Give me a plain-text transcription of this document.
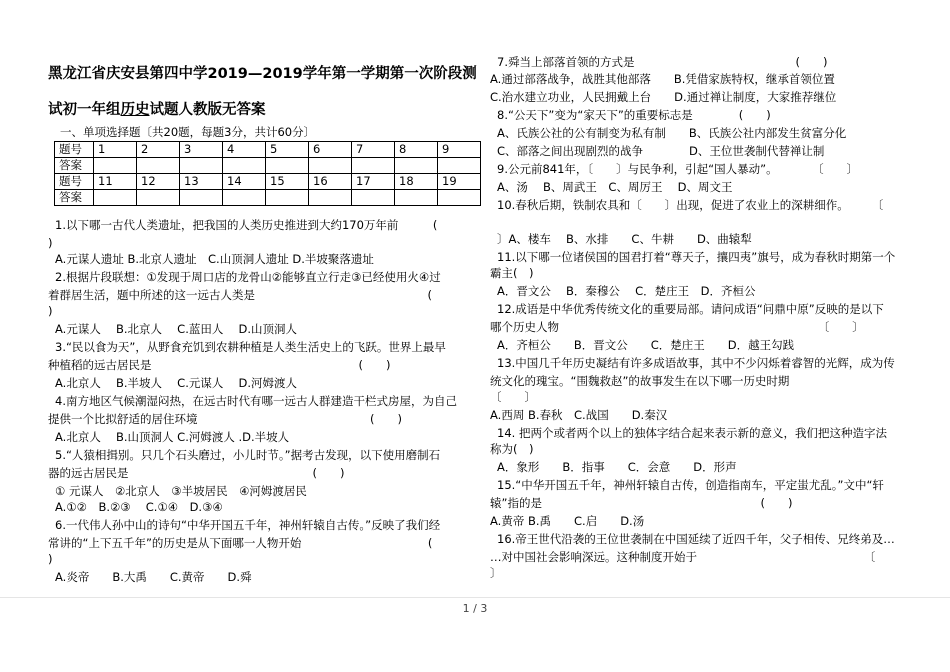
黑龙江省庆安县第四中学2019—2019学年第一学期第一次阶段测
试初一年组历史试题人教版无答案
一、单项选择题〔共20题，每题3分，共计60分〕
题号	1	2	3	4	5	6	7	8	9
答案									
题号	11	12	13	14	15	16	17	18	19
答案									
1.以下哪一古代人类遗址，把我国的人类历史推进到大约170万年前　　　(
)
A.元谋人遗址 B.北京人遗址　C.山顶洞人遗址 D.半坡聚落遗址
2.根据片段联想：①发现于周口店的龙骨山②能够直立行走③已经使用火④过
着群居生活，题中所述的这一远古人类是　　　　　　　　　　　　　　　(
)
A.元谋人　 B.北京人　 C.蓝田人　 D.山顶洞人
3.“民以食为天”，从野食充饥到农耕种植是人类生活史上的飞跃。世界上最早
种植稻的远古居民是　　　　　　　　　　　　　　　　　　(　　)
A.北京人　 B.半坡人　 C.元谋人　 D.河姆渡人
4.南方地区气候潮湿闷热，在远古时代有哪一远古人群建造干栏式房屋，为自己
提供一个比拟舒适的居住环境　　　　　　　　　　　　　　　(　　)
A.北京人　 B.山顶洞人 C.河姆渡人 .D.半坡人
5.“人猿相揖别。只几个石头磨过，小儿时节。”据考古发现，以下使用磨制石
器的远古居民是　　　　　　　　　　　　　　　　(　　)
① 元谋人　②北京人　③半坡居民　④河姆渡居民
A.①②　B.②③　 C.①④　D.③④
6.一代伟人孙中山的诗句“中华开国五千年，神州轩辕自古传。”反映了我们经
常讲的“上下五千年”的历史是从下面哪一人物开始　　　　　　　　　　　(
)
A.炎帝　　B.大禹　　C.黄帝　　D.舜
7.舜当上部落首领的方式是　　　　　　　　　　　　　　(　　)
A.通过部落战争，战胜其他部落　　B.凭借家族特权，继承首领位置
C.治水建立功业，人民拥戴上台　　D.通过禅让制度，大家推荐继位
8.“公天下”变为“家天下”的重要标志是　　　　(　　)
A、氏族公社的公有制变为私有制　　B、氏族公社内部发生贫富分化
C、部落之间出现剧烈的战争　　　　D、王位世袭制代替禅让制
9.公元前841年，〔　　〕与民争利，引起“国人暴动”。　　　　〔　　〕
A、汤　 B、周武王　C、周厉王　 D、周文王
10.春秋后期，铁制农具和〔　　〕出现，促进了农业上的深耕细作。　　　〔
〕A、楼车　 B、水排　　C、牛耕　　D、曲辕犁
11.以下哪一位诸侯国的国君打着“尊天子，攘四夷”旗号，成为春秋时期第一个
霸主(　)
A．晋文公　 B．秦穆公　 C．楚庄王　D．齐桓公
12.成语是中华优秀传统文化的重要局部。请问成语“问鼎中原”反映的是以下
哪个历史人物　　　　　　　　　　　　　　　　　　　　　　　〔　　〕
A．齐桓公　　B．晋文公　　C．楚庄王　　D．越王勾践
13.中国几千年历史凝结有许多成语故事，其中不少闪烁着睿智的光辉，成为传
统文化的瑰宝。“围魏救赵”的故事发生在以下哪一历史时期
〔　　〕
A.西周 B.春秋　C.战国　　D.秦汉
14. 把两个或者两个以上的独体字结合起来表示新的意义，我们把这种造字法
称为(　)
A．象形　　B．指事　　C．会意　　D．形声
15.“中华开国五千年，神州轩辕自古传，创造指南车，平定蚩尤乱。”文中“轩
辕”指的是　　　　　　　　　　　　　　　　　　　(　　)
A.黄帝 B.禹　　C.启　　D.汤
16.帝王世代沿袭的王位世袭制在中国延续了近四千年，父子相传、兄终弟及…
…对中国社会影响深远。这种制度开始于　　　　　　　　　　　　　　　〔
〕
1 / 3
